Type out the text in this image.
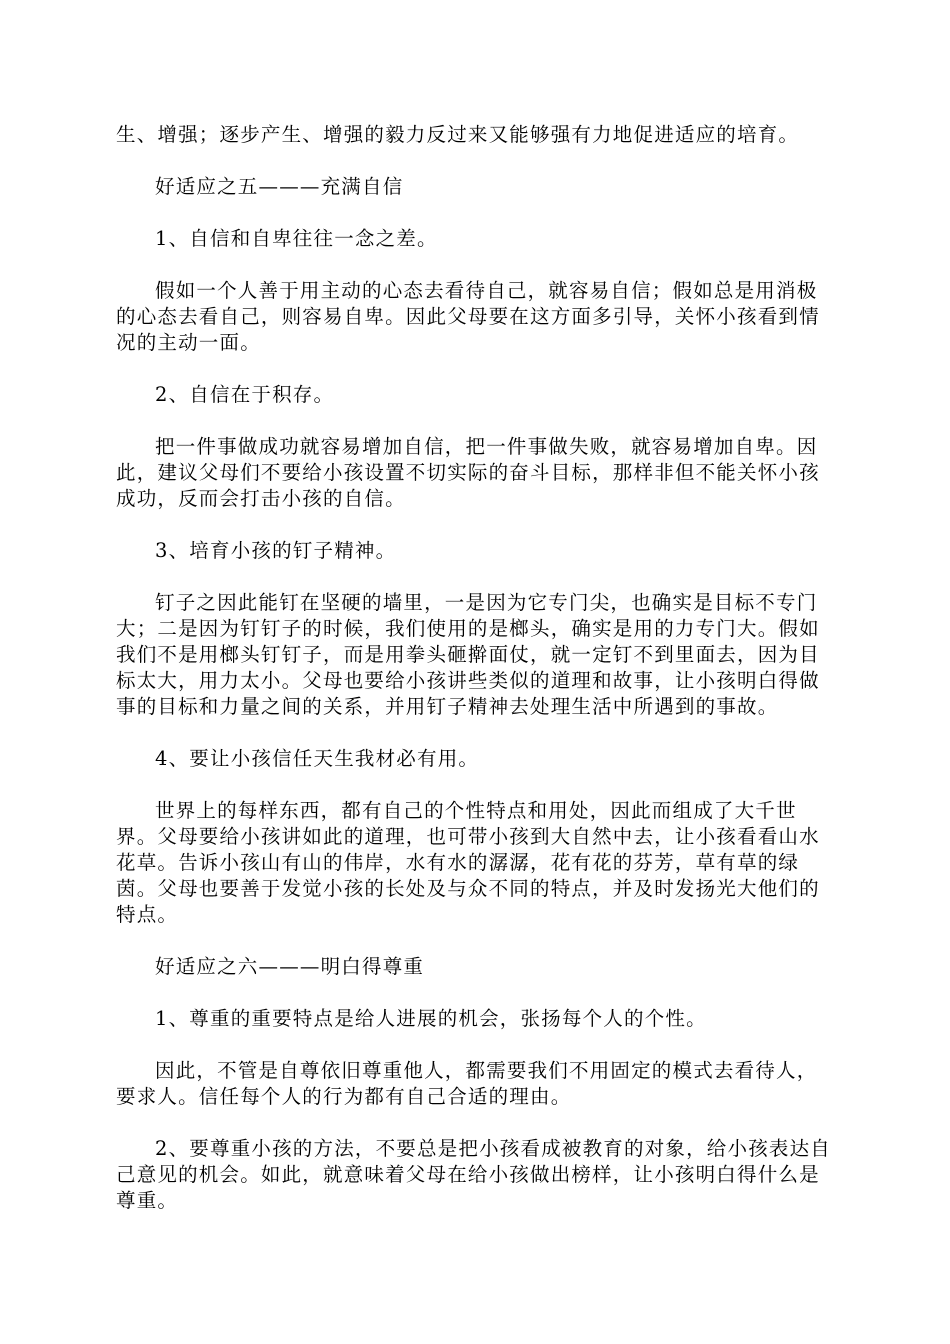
生、增强；逐步产生、增强的毅力反过来又能够强有力地促进适应的培育。

好适应之五———充满自信

1、自信和自卑往往一念之差。

假如一个人善于用主动的心态去看待自己，就容易自信；假如总是用消极的心态去看自己，则容易自卑。因此父母要在这方面多引导，关怀小孩看到情况的主动一面。

2、自信在于积存。

把一件事做成功就容易增加自信，把一件事做失败，就容易增加自卑。因此，建议父母们不要给小孩设置不切实际的奋斗目标，那样非但不能关怀小孩成功，反而会打击小孩的自信。

3、培育小孩的钉子精神。

钉子之因此能钉在坚硬的墙里，一是因为它专门尖，也确实是目标不专门大；二是因为钉钉子的时候，我们使用的是榔头，确实是用的力专门大。假如我们不是用榔头钉钉子，而是用拳头砸擀面仗，就一定钉不到里面去，因为目标太大，用力太小。父母也要给小孩讲些类似的道理和故事，让小孩明白得做事的目标和力量之间的关系，并用钉子精神去处理生活中所遇到的事故。

4、要让小孩信任天生我材必有用。

世界上的每样东西，都有自己的个性特点和用处，因此而组成了大千世界。父母要给小孩讲如此的道理，也可带小孩到大自然中去，让小孩看看山水花草。告诉小孩山有山的伟岸，水有水的潺潺，花有花的芬芳，草有草的绿茵。父母也要善于发觉小孩的长处及与众不同的特点，并及时发扬光大他们的特点。

好适应之六———明白得尊重

1、尊重的重要特点是给人进展的机会，张扬每个人的个性。

因此，不管是自尊依旧尊重他人，都需要我们不用固定的模式去看待人，要求人。信任每个人的行为都有自己合适的理由。

2、要尊重小孩的方法，不要总是把小孩看成被教育的对象，给小孩表达自己意见的机会。如此，就意味着父母在给小孩做出榜样，让小孩明白得什么是尊重。
